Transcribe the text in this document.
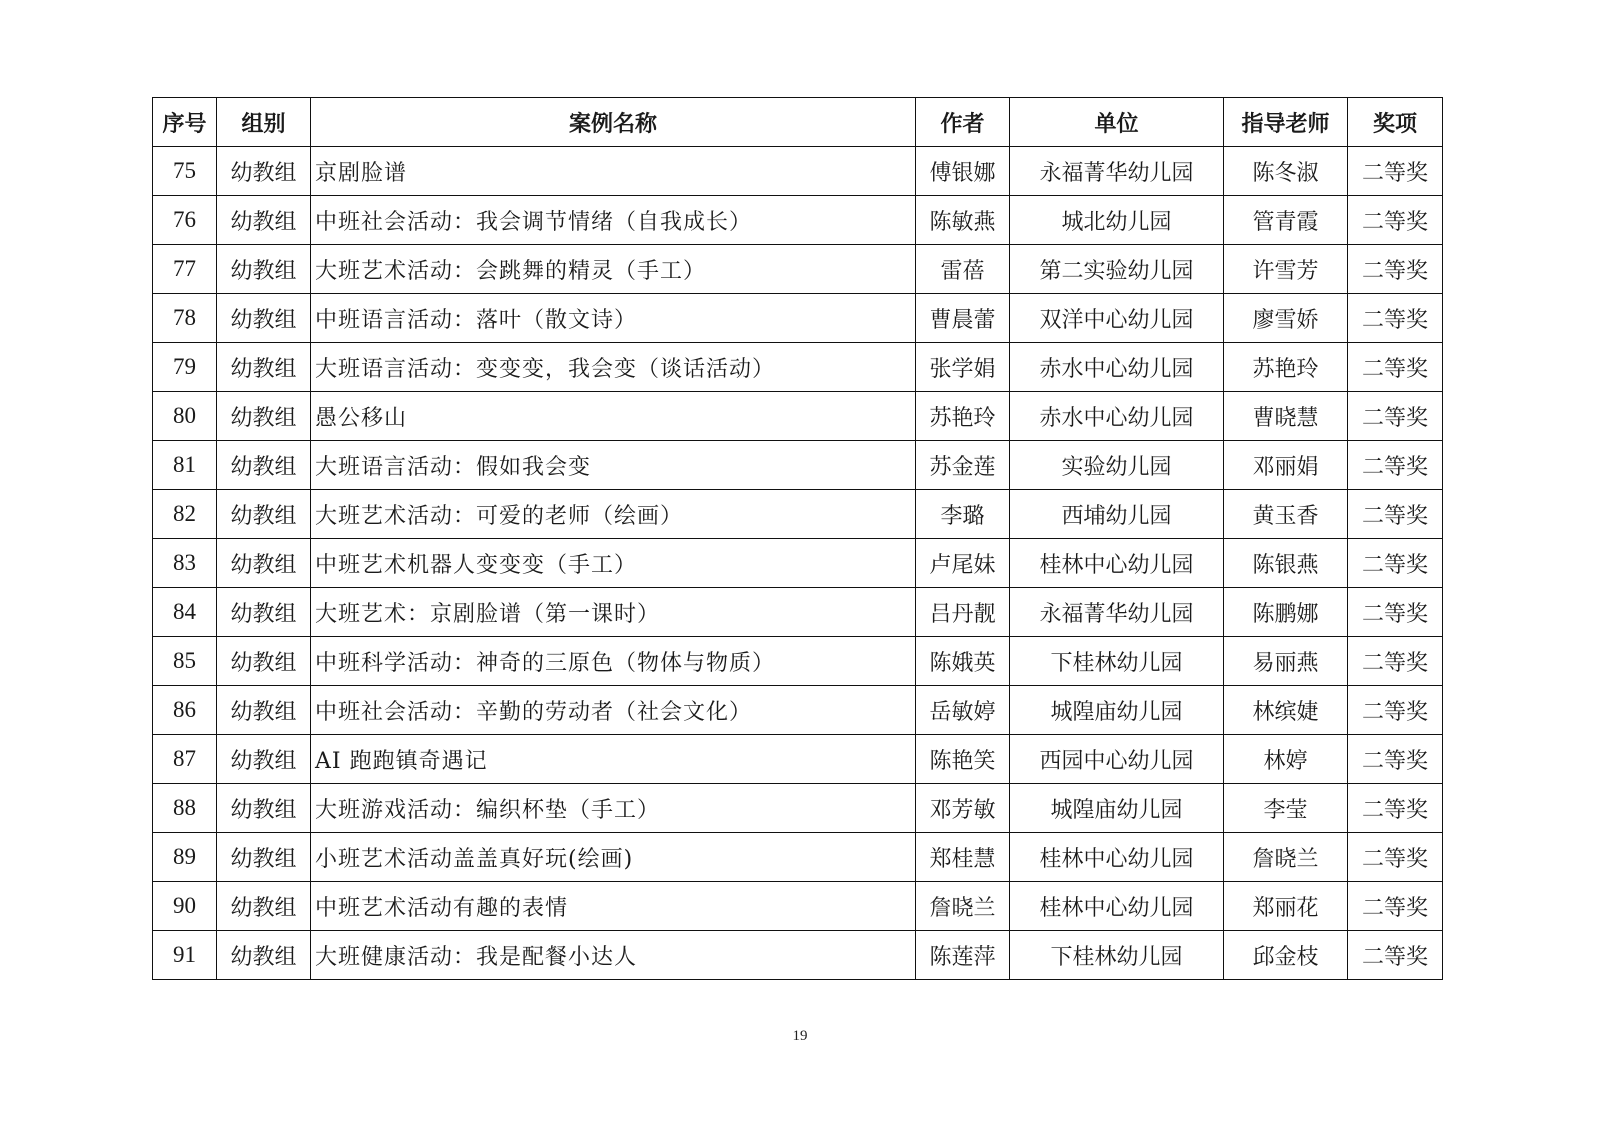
序号	组别	案例名称	作者	单位	指导老师	奖项
75	幼教组	京剧脸谱	傅银娜	永福菁华幼儿园	陈冬淑	二等奖
76	幼教组	中班社会活动：我会调节情绪（自我成长）	陈敏燕	城北幼儿园	管青霞	二等奖
77	幼教组	大班艺术活动：会跳舞的精灵（手工）	雷蓓	第二实验幼儿园	许雪芳	二等奖
78	幼教组	中班语言活动：落叶（散文诗）	曹晨蕾	双洋中心幼儿园	廖雪娇	二等奖
79	幼教组	大班语言活动：变变变，我会变（谈话活动）	张学娟	赤水中心幼儿园	苏艳玲	二等奖
80	幼教组	愚公移山	苏艳玲	赤水中心幼儿园	曹晓慧	二等奖
81	幼教组	大班语言活动：假如我会变	苏金莲	实验幼儿园	邓丽娟	二等奖
82	幼教组	大班艺术活动：可爱的老师（绘画）	李璐	西埔幼儿园	黄玉香	二等奖
83	幼教组	中班艺术机器人变变变（手工）	卢尾妹	桂林中心幼儿园	陈银燕	二等奖
84	幼教组	大班艺术：京剧脸谱（第一课时）	吕丹靓	永福菁华幼儿园	陈鹏娜	二等奖
85	幼教组	中班科学活动：神奇的三原色（物体与物质）	陈娥英	下桂林幼儿园	易丽燕	二等奖
86	幼教组	中班社会活动：辛勤的劳动者（社会文化）	岳敏婷	城隍庙幼儿园	林缤婕	二等奖
87	幼教组	AI 跑跑镇奇遇记	陈艳笑	西园中心幼儿园	林婷	二等奖
88	幼教组	大班游戏活动：编织杯垫（手工）	邓芳敏	城隍庙幼儿园	李莹	二等奖
89	幼教组	小班艺术活动盖盖真好玩(绘画)	郑桂慧	桂林中心幼儿园	詹晓兰	二等奖
90	幼教组	中班艺术活动有趣的表情	詹晓兰	桂林中心幼儿园	郑丽花	二等奖
91	幼教组	大班健康活动：我是配餐小达人	陈莲萍	下桂林幼儿园	邱金枝	二等奖
19
